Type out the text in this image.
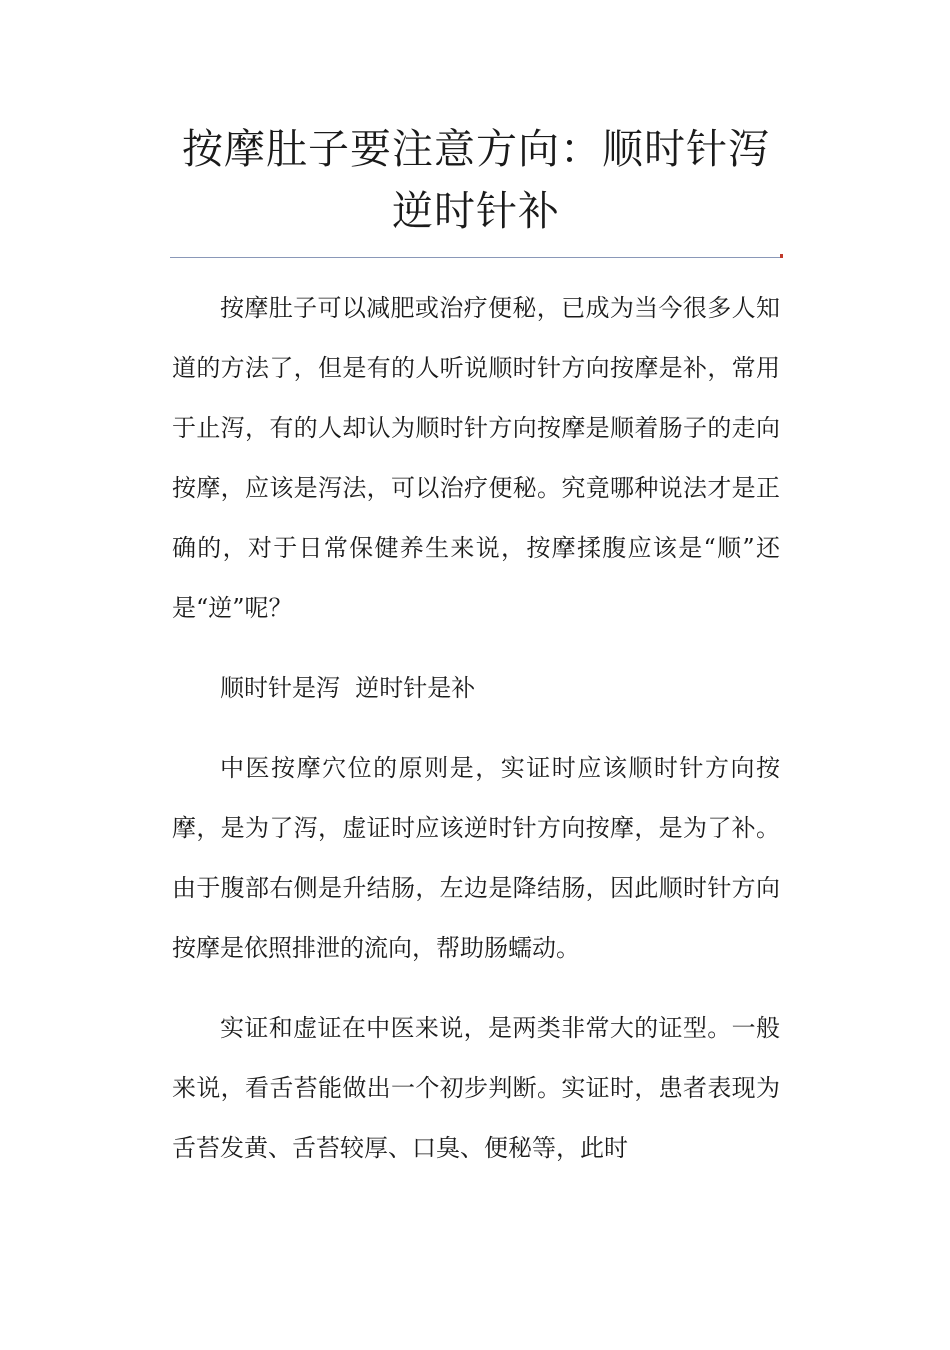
按摩肚子要注意方向：顺时针泻
逆时针补

按摩肚子可以减肥或治疗便秘，已成为当今很多人知道的方法了，但是有的人听说顺时针方向按摩是补，常用于止泻，有的人却认为顺时针方向按摩是顺着肠子的走向按摩，应该是泻法，可以治疗便秘。究竟哪种说法才是正确的，对于日常保健养生来说，按摩揉腹应该是“顺”还是“逆”呢？

顺时针是泻  逆时针是补

中医按摩穴位的原则是，实证时应该顺时针方向按摩，是为了泻，虚证时应该逆时针方向按摩，是为了补。由于腹部右侧是升结肠，左边是降结肠，因此顺时针方向按摩是依照排泄的流向，帮助肠蠕动。

实证和虚证在中医来说，是两类非常大的证型。一般来说，看舌苔能做出一个初步判断。实证时，患者表现为舌苔发黄、舌苔较厚、口臭、便秘等，此时
